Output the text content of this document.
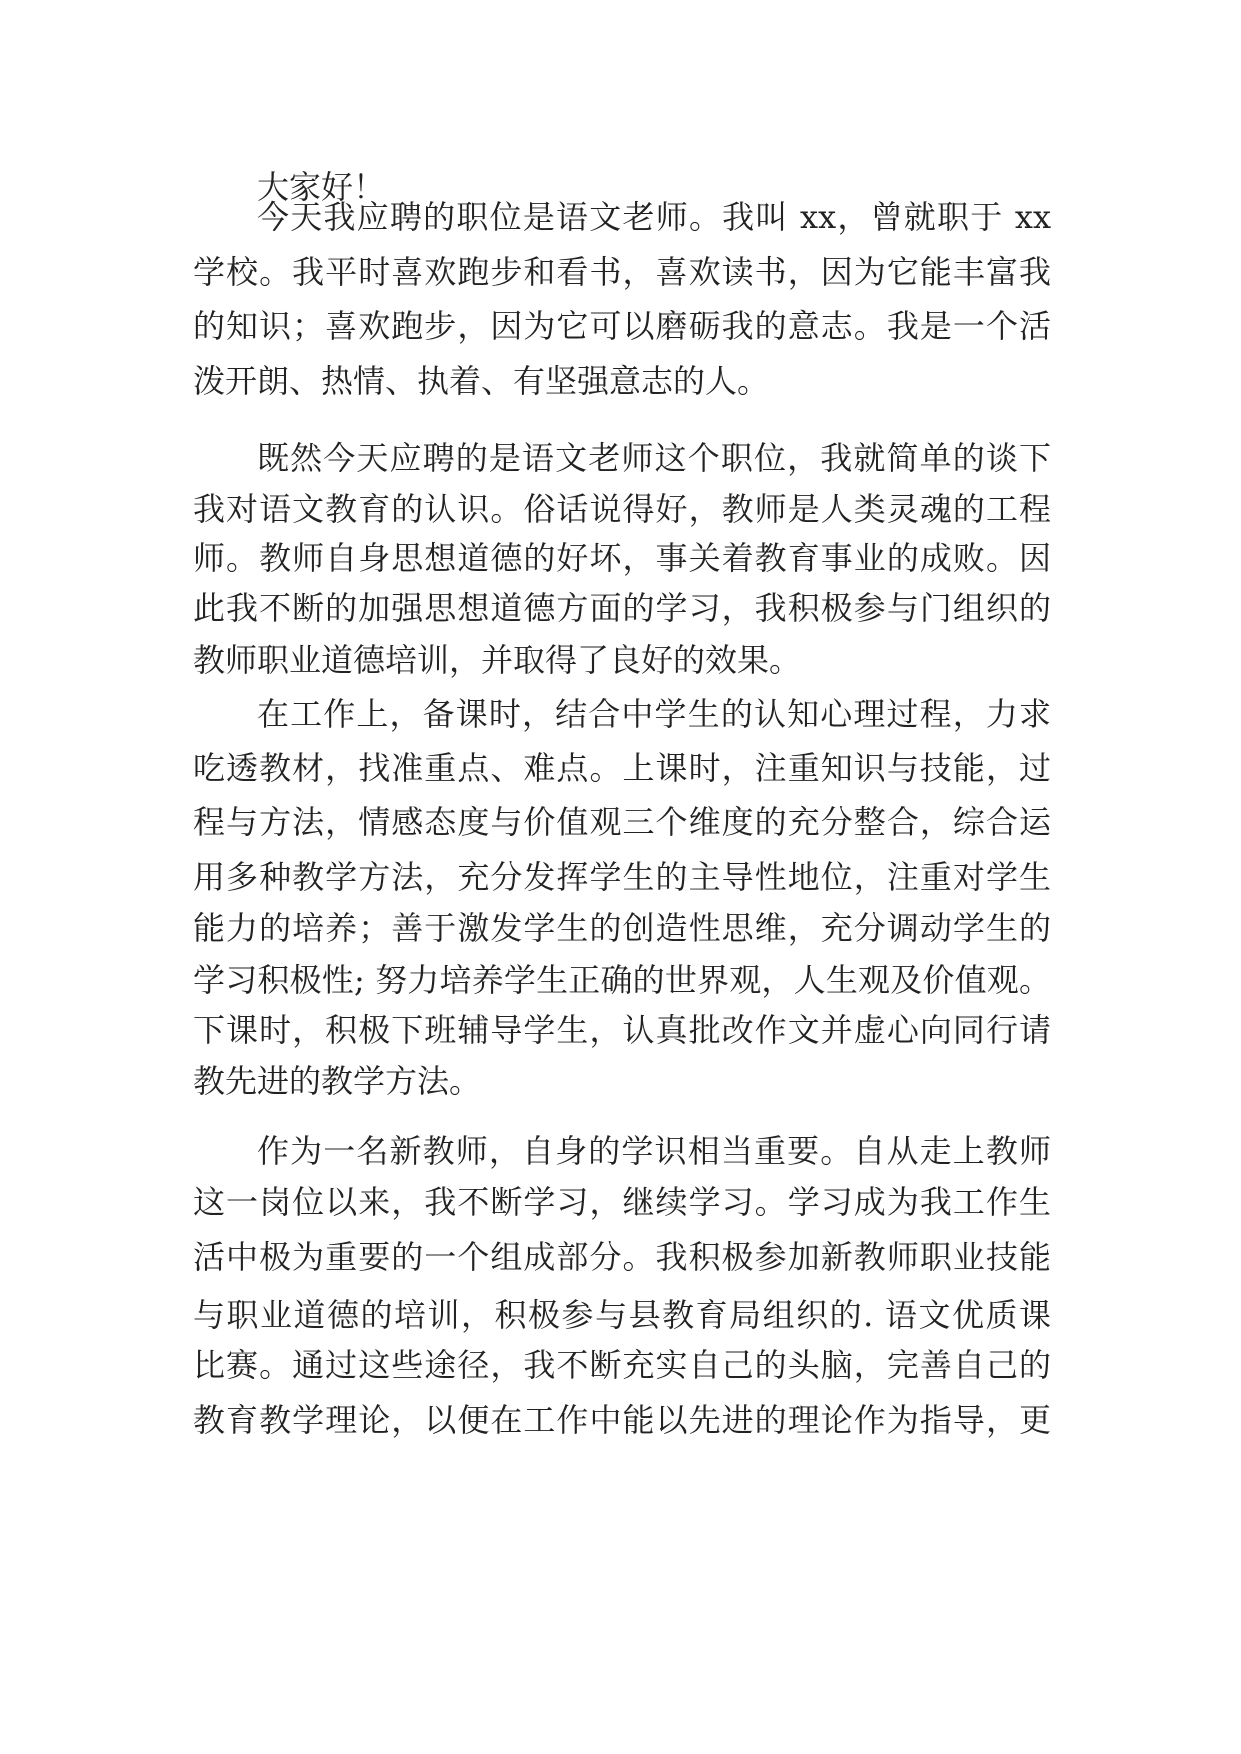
大家好！

今天我应聘的职位是语文老师。我叫 xx，曾就职于 xx

学校。我平时喜欢跑步和看书，喜欢读书，因为它能丰富我

的知识；喜欢跑步，因为它可以磨砺我的意志。我是一个活

泼开朗、热情、执着、有坚强意志的人。

既然今天应聘的是语文老师这个职位，我就简单的谈下

我对语文教育的认识。俗话说得好，教师是人类灵魂的工程

师。教师自身思想道德的好坏，事关着教育事业的成败。因

此我不断的加强思想道德方面的学习，我积极参与门组织的

教师职业道德培训，并取得了良好的效果。

在工作上，备课时，结合中学生的认知心理过程，力求

吃透教材，找准重点、难点。上课时，注重知识与技能，过

程与方法，情感态度与价值观三个维度的充分整合，综合运

用多种教学方法，充分发挥学生的主导性地位，注重对学生

能力的培养；善于激发学生的创造性思维，充分调动学生的

学习积极性; 努力培养学生正确的世界观，人生观及价值观。

下课时，积极下班辅导学生，认真批改作文并虚心向同行请

教先进的教学方法。

作为一名新教师，自身的学识相当重要。自从走上教师

这一岗位以来，我不断学习，继续学习。学习成为我工作生

活中极为重要的一个组成部分。我积极参加新教师职业技能

与职业道德的培训，积极参与县教育局组织的. 语文优质课

比赛。通过这些途径，我不断充实自己的头脑，完善自己的

教育教学理论，以便在工作中能以先进的理论作为指导，更
